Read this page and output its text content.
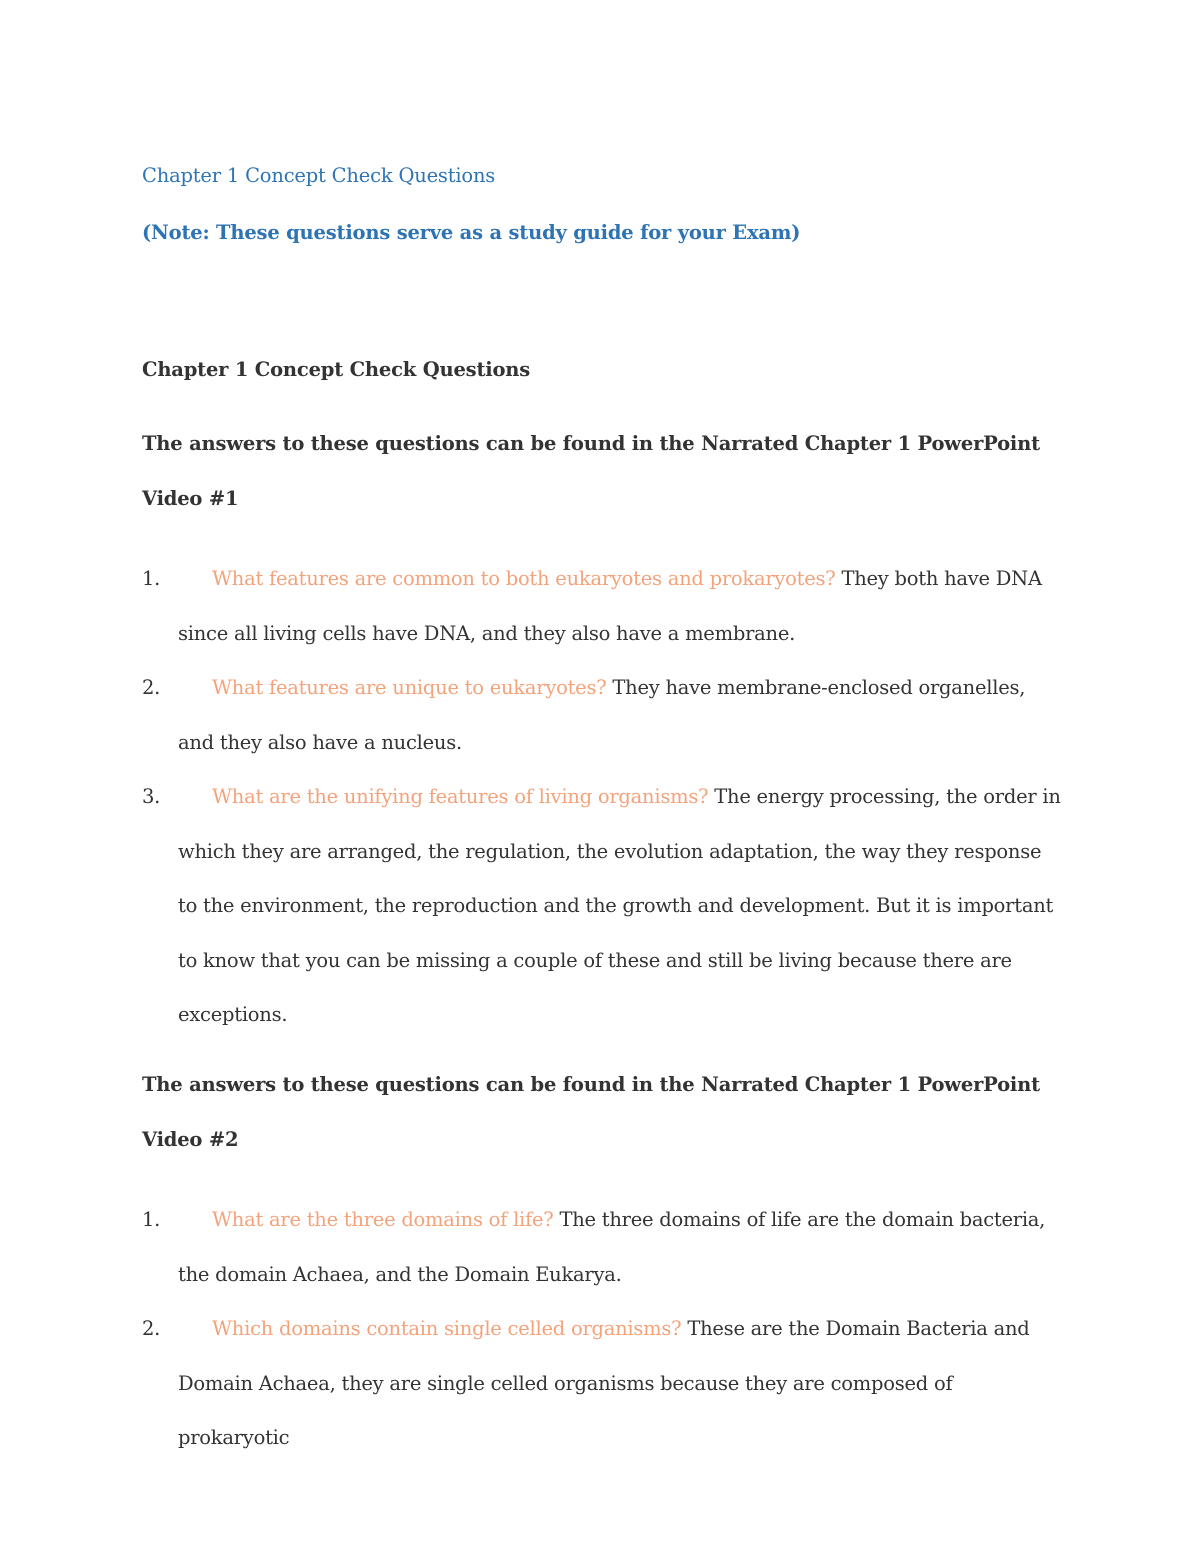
Chapter 1 Concept Check Questions
(Note: These questions serve as a study guide for your Exam)
Chapter 1 Concept Check Questions
The answers to these questions can be found in the Narrated Chapter 1 PowerPoint Video #1
1.	What features are common to both eukaryotes and prokaryotes? They both have DNA since all living cells have DNA, and they also have a membrane.
2.	What features are unique to eukaryotes? They have membrane-enclosed organelles, and they also have a nucleus.
3.	What are the unifying features of living organisms? The energy processing, the order in which they are arranged, the regulation, the evolution adaptation, the way they response to the environment, the reproduction and the growth and development. But it is important to know that you can be missing a couple of these and still be living because there are exceptions.
The answers to these questions can be found in the Narrated Chapter 1 PowerPoint Video #2
1.	What are the three domains of life? The three domains of life are the domain bacteria, the domain Achaea, and the Domain Eukarya.
2.	Which domains contain single celled organisms? These are the Domain Bacteria and Domain Achaea, they are single celled organisms because they are composed of prokaryotic
